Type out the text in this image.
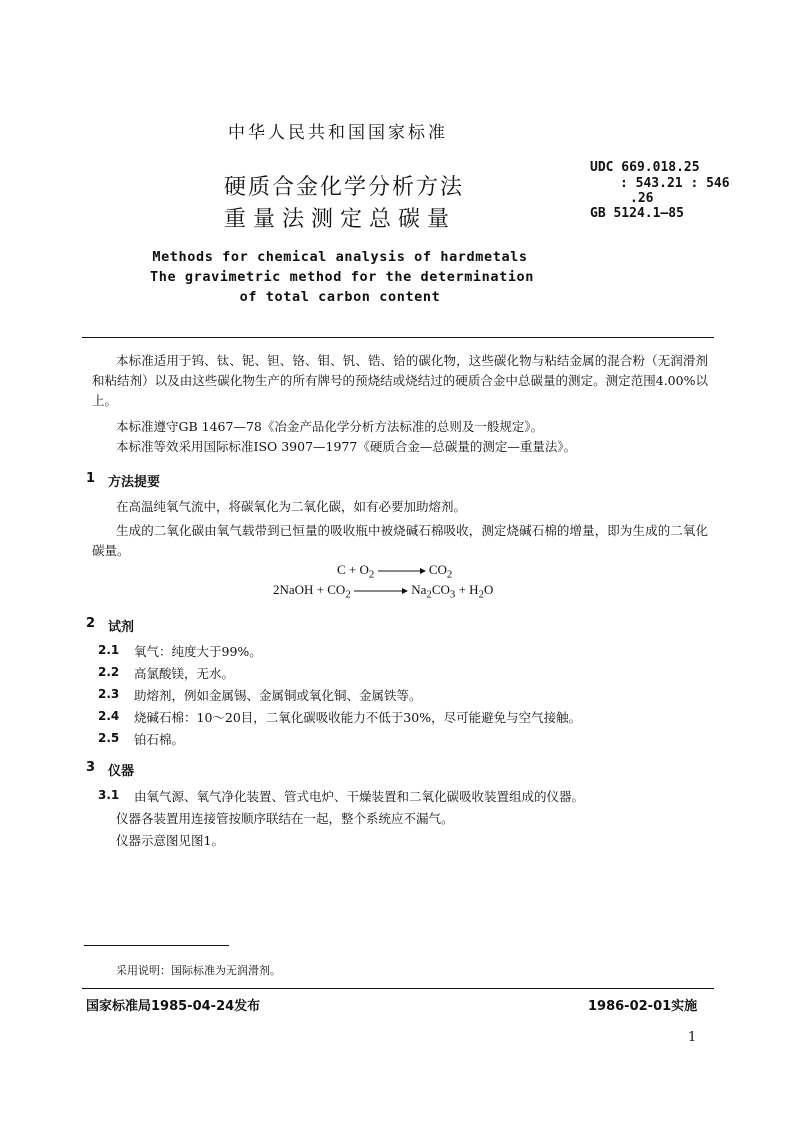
中华人民共和国国家标准
硬质合金化学分析方法
重量法测定总碳量
UDC 669.018.25
: 543.21 : 546
.26
GB 5124.1—85
Methods for chemical analysis of hardmetals
The gravimetric method for the determination
of total carbon content
本标准适用于钨、钛、铌、钽、铬、钼、钒、锆、铪的碳化物，这些碳化物与粘结金属的混合粉（无润滑剂和粘结剂）以及由这些碳化物生产的所有牌号的预烧结或烧结过的硬质合金中总碳量的测定。测定范围4.00%以上。
本标准遵守GB 1467—78《冶金产品化学分析方法标准的总则及一般规定》。
本标准等效采用国际标准ISO 3907—1977《硬质合金—总碳量的测定—重量法》。
1 方法提要
在高温纯氧气流中，将碳氧化为二氧化碳，如有必要加助熔剂。
生成的二氧化碳由氧气载带到已恒量的吸收瓶中被烧碱石棉吸收，测定烧碱石棉的增量，即为生成的二氧化碳量。
$C + O_2 \to CO_2$
2NaOH + $CO_2$	$Na_2CO_3 + H_2O$
2 试剂
2.1 氧气：纯度大于99%。
2.2 高氯酸镁，无水。
2.3 助熔剂，例如金属锡、金属铜或氧化铜、金属铁等。
2.4 烧碱石棉：10～20目，二氧化碳吸收能力不低于30%，尽可能避免与空气接触。
2.5 铂石棉。
3 仪器
3.1 由氧气源、氧气净化装置、管式电炉、干燥装置和二氧化碳吸收装置组成的仪器。
仪器各装置用连接管按顺序联结在一起，整个系统应不漏气。
仪器示意图见图1。
采用说明：国际标准为无润滑剂。
国家标准局1985-04-24发布	1986-02-01实施
1
